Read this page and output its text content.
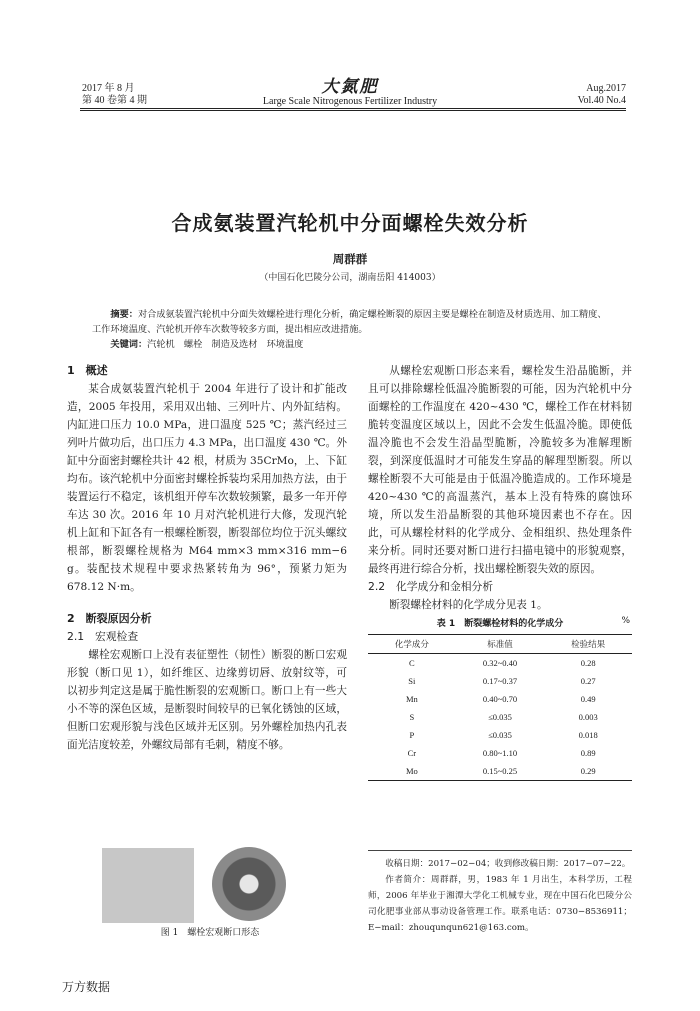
2017 年 8 月
第 40 卷第 4 期
大氮肥
Large Scale Nitrogenous Fertilizer Industry
Aug.2017
Vol.40 No.4
合成氨装置汽轮机中分面螺栓失效分析
周群群
（中国石化巴陵分公司，湖南岳阳 414003）
摘要：对合成氨装置汽轮机中分面失效螺栓进行理化分析，确定螺栓断裂的原因主要是螺栓在制造及材质选用、加工精度、工作环境温度、汽轮机开停车次数等较多方面，提出相应改进措施。
关键词：汽轮机　螺栓　制造及选材　环境温度

1　概述

某合成氨装置汽轮机于 2004 年进行了设计和扩能改造，2005 年投用，采用双出轴、三列叶片、内外缸结构。内缸进口压力 10.0 MPa，进口温度 525 ℃；蒸汽经过三列叶片做功后，出口压力 4.3 MPa，出口温度 430 ℃。外缸中分面密封螺栓共计 42 根，材质为 35CrMo，上、下缸均布。该汽轮机中分面密封螺栓拆装均采用加热方法，由于装置运行不稳定，该机组开停车次数较频繁，最多一年开停车达 30 次。2016 年 10 月对汽轮机进行大修，发现汽轮机上缸和下缸各有一根螺栓断裂，断裂部位均位于沉头螺纹根部，断裂螺栓规格为 M64 mm×3 mm×316 mm−6 g。装配技术规程中要求热紧转角为 96°，预紧力矩为 678.12 N·m。

2　断裂原因分析

2.1　宏观检查

螺栓宏观断口上没有表征塑性（韧性）断裂的断口宏观形貌（断口见 1），如纤维区、边缘剪切唇、放射纹等，可以初步判定这是属于脆性断裂的宏观断口。断口上有一些大小不等的深色区域，是断裂时间较早的已氧化锈蚀的区域，但断口宏观形貌与浅色区域并无区别。另外螺栓加热内孔表面光洁度较差，外螺纹局部有毛刺，精度不够。

图 1　螺栓宏观断口形态

从螺栓宏观断口形态来看，螺栓发生沿晶脆断，并且可以排除螺栓低温冷脆断裂的可能，因为汽轮机中分面螺栓的工作温度在 420~430 ℃，螺栓工作在材料韧脆转变温度区域以上，因此不会发生低温冷脆。即使低温冷脆也不会发生沿晶型脆断，冷脆较多为准解理断裂，到深度低温时才可能发生穿晶的解理型断裂。所以螺栓断裂不大可能是由于低温冷脆造成的。工作环境是 420~430 ℃的高温蒸汽，基本上没有特殊的腐蚀环境，所以发生沿晶断裂的其他环境因素也不存在。因此，可从螺栓材料的化学成分、金相组织、热处理条件来分析。同时还要对断口进行扫描电镜中的形貌观察，最终再进行综合分析，找出螺栓断裂失效的原因。

2.2　化学成分和金相分析

断裂螺栓材料的化学成分见表 1。

表 1　断裂螺栓材料的化学成分	%
化学成分	标准值	检验结果
C	0.32~0.40	0.28
Si	0.17~0.37	0.27
Mn	0.40~0.70	0.49
S	≤0.035	0.003
P	≤0.035	0.018
Cr	0.80~1.10	0.89
Mo	0.15~0.25	0.29
收稿日期：2017−02−04；收到修改稿日期：2017−07−22。
作者简介：周群群，男，1983 年 1 月出生，本科学历，工程师，2006 年毕业于湘潭大学化工机械专业，现在中国石化巴陵分公司化肥事业部从事动设备管理工作。联系电话：0730−8536911；E−mail：zhouqunqun621@163.com。
万方数据
